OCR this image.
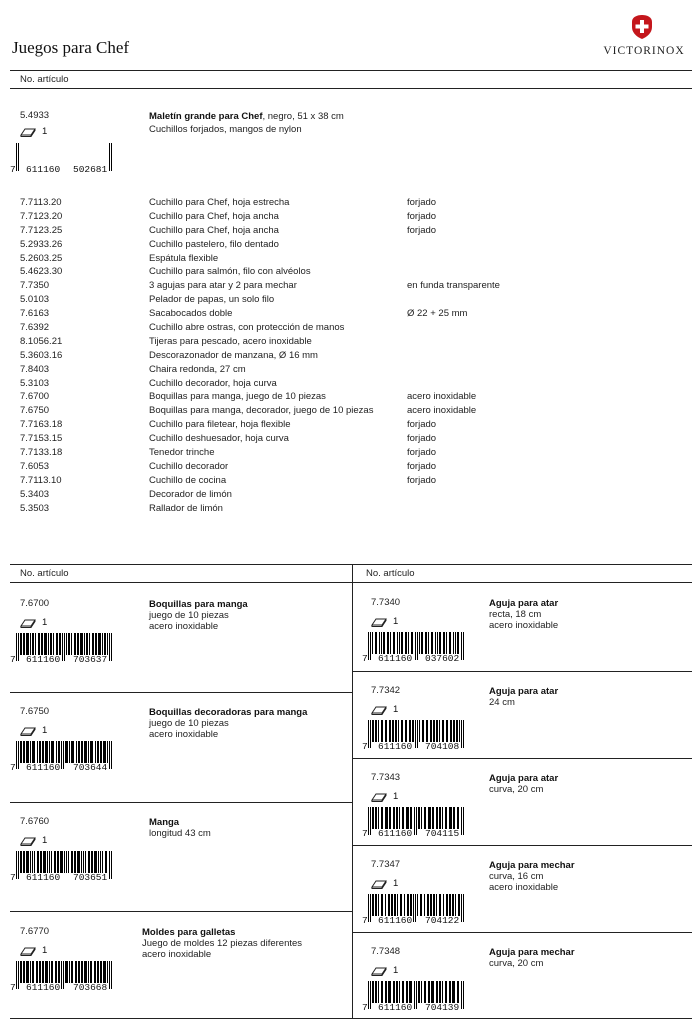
Juegos para Chef	VICTORINOX
No. artículo
5.4933	Maletín grande para Chef, negro, 51 x 38 cm
Cuchillos forjados, mangos de nylon
1
7 611160 502681
7.7113.20	Cuchillo para Chef, hoja estrecha	forjado
7.7123.20	Cuchillo para Chef, hoja ancha	forjado
7.7123.25	Cuchillo para Chef, hoja ancha	forjado
5.2933.26	Cuchillo pastelero, filo dentado
5.2603.25	Espátula flexible
5.4623.30	Cuchillo para salmón, filo con alvéolos
7.7350	3 agujas para atar y 2 para mechar	en funda transparente
5.0103	Pelador de papas, un solo filo
7.6163	Sacabocados doble	Ø 22 + 25 mm
7.6392	Cuchillo abre ostras, con protección de manos
8.1056.21	Tijeras para pescado, acero inoxidable
5.3603.16	Descorazonador de manzana, Ø 16 mm
7.8403	Chaira redonda, 27 cm
5.3103	Cuchillo decorador, hoja curva
7.6700	Boquillas para manga, juego de 10 piezas	acero inoxidable
7.6750	Boquillas para manga, decorador, juego de 10 piezas	acero inoxidable
7.7163.18	Cuchillo para filetear, hoja flexible	forjado
7.7153.15	Cuchillo deshuesador, hoja curva	forjado
7.7133.18	Tenedor trinche	forjado
7.6053	Cuchillo decorador	forjado
7.7113.10	Cuchillo de cocina	forjado
5.3403	Decorador de limón
5.3503	Rallador de limón
No. artículo	No. artículo
7.6700	Boquillas para manga
juego de 10 piezas
acero inoxidable
1
7 611160 703637
7.6750	Boquillas decoradoras para manga
juego de 10 piezas
acero inoxidable
1
7 611160 703644
7.6760	Manga
longitud 43 cm
1
7 611160 703651
7.6770	Moldes para galletas
Juego de moldes 12 piezas diferentes
acero inoxidable
1
7 611160 703668
7.7340	Aguja para atar
recta, 18 cm
acero inoxidable
1
7 611160 037602
7.7342	Aguja para atar
24 cm
1
7 611160 704108
7.7343	Aguja para atar
curva, 20 cm
1
7 611160 704115
7.7347	Aguja para mechar
curva, 16 cm
acero inoxidable
1
7 611160 704122
7.7348	Aguja para mechar
curva, 20 cm
1
7 611160 704139
